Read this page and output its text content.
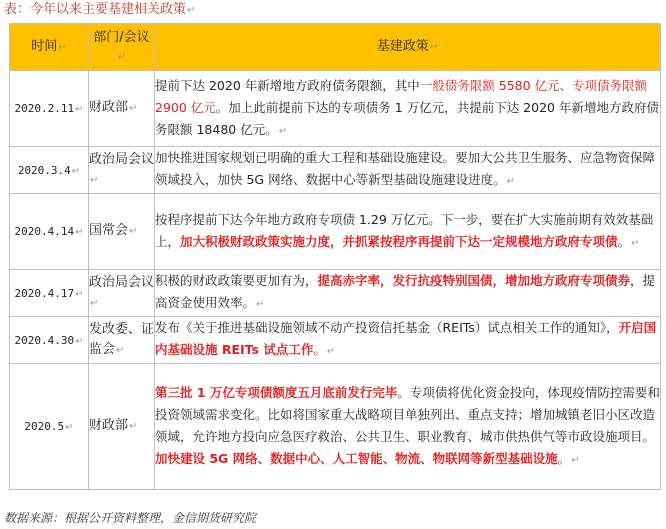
表：今年以来主要基建相关政策↵
时间↵	部门/会议↵	基建政策↵
2020.2.11↵	财政部↵	提前下达 2020 年新增地方政府债务限额，其中一般债务限额 5580 亿元、专项债务限额 2900 亿元。加上此前提前下达的专项债务 1 万亿元，共提前下达 2020 年新增地方政府债务限额 18480 亿元。↵
2020.3.4↵	政治局会议↵	加快推进国家规划已明确的重大工程和基础设施建设。要加大公共卫生服务、应急物资保障领域投入，加快 5G 网络、数据中心等新型基础设施建设进度。↵
2020.4.14↵	国常会↵	按程序提前下达今年地方政府专项债 1.29 万亿元。下一步，要在扩大实施前期有效效基础上，加大积极财政政策实施力度，并抓紧按程序再提前下达一定规模地方政府专项债。↵
2020.4.17↵	政治局会议↵	积极的财政政策要更加有为，提高赤字率，发行抗疫特别国债，增加地方政府专项债券，提高资金使用效率。↵
2020.4.30↵	发改委、证监会↵	发布《关于推进基础设施领域不动产投资信托基金（REITs）试点相关工作的通知》，开启国内基础设施 REITs 试点工作。↵
2020.5↵	财政部↵	第三批 1 万亿专项债额度五月底前发行完毕。专项债将优化资金投向，体现疫情防控需要和投资领域需求变化。比如将国家重大战略项目单独列出、重点支持；增加城镇老旧小区改造领域，允许地方投向应急医疗救治、公共卫生、职业教育、城市供热供气等市政设施项目。加快建设 5G 网络、数据中心、人工智能、物流、物联网等新型基础设施。↵
数据来源：根据公开资料整理，金信期货研究院
